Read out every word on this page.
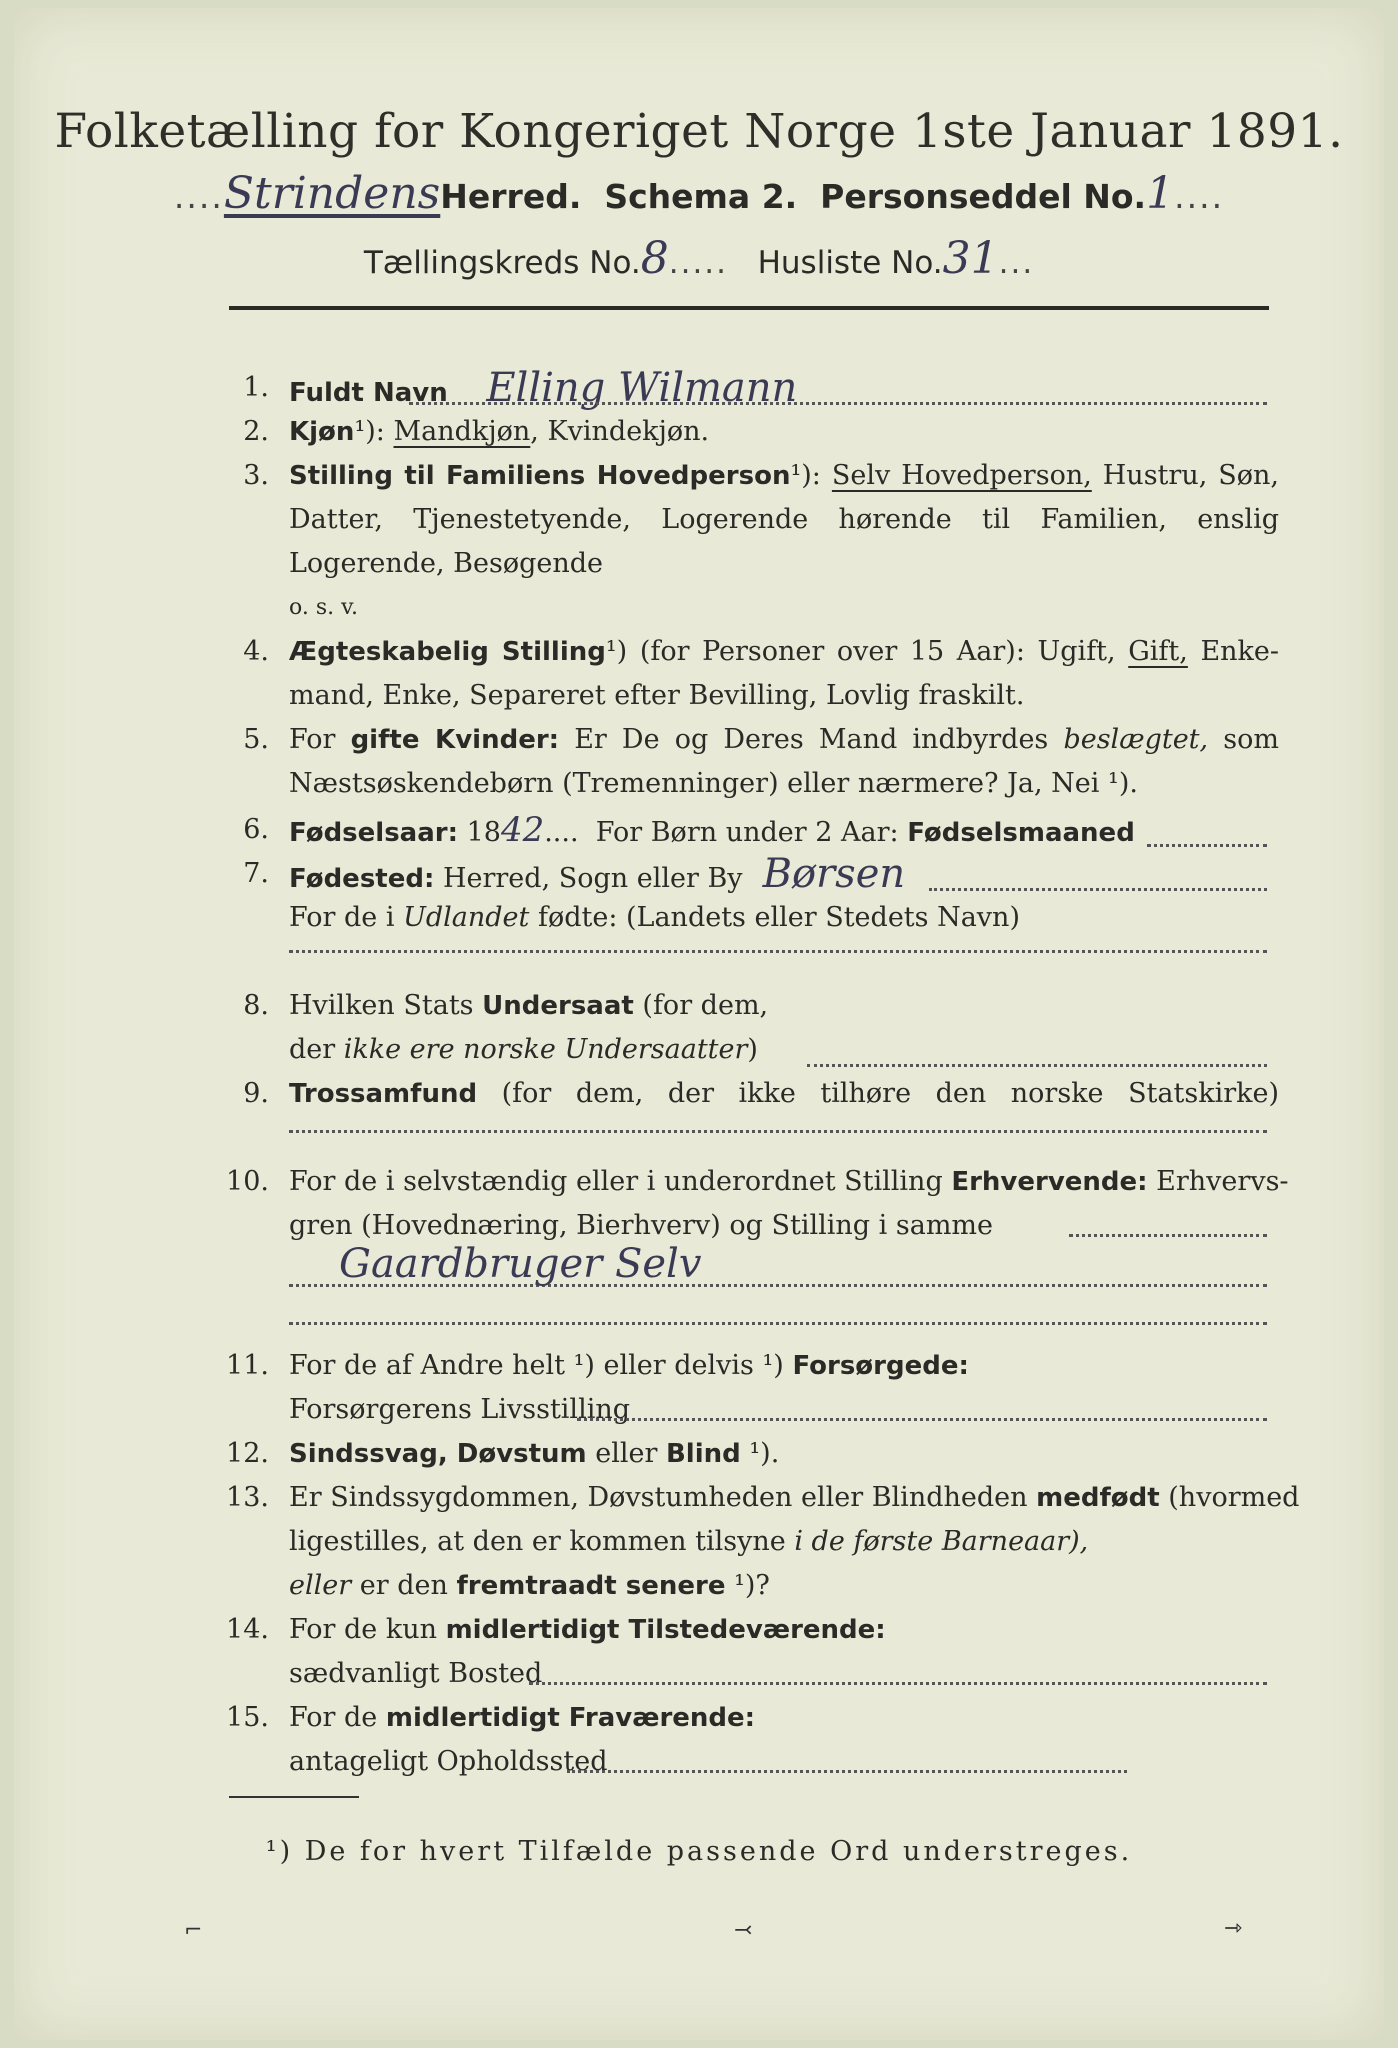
Folketælling for Kongeriget Norge 1ste Januar 1891.
....StrindensHerred. Schema 2. Personseddel No.1....
Tællingskreds No.8..... Husliste No.31...
1. Fuldt Navn Elling Wilmann
2. Kjøn¹): Mandkjøn, Kvindekjøn.
3. Stilling til Familiens Hovedperson¹): Selv Hovedperson, Hustru, Søn,
Datter, Tjenestetyende, Logerende hørende til Familien, enslig
Logerende, Besøgende
o. s. v.
4. Ægteskabelig Stilling¹) (for Personer over 15 Aar): Ugift, Gift, Enke-
mand, Enke, Separeret efter Bevilling, Lovlig fraskilt.
5. For gifte Kvinder: Er De og Deres Mand indbyrdes beslægtet, som
Næstsøskendebørn (Tremenninger) eller nærmere? Ja, Nei ¹).
6. Fødselsaar: 1842....  For Børn under 2 Aar: Fødselsmaaned
7. Fødested: Herred, Sogn eller By Børsen
For de i Udlandet fødte: (Landets eller Stedets Navn)
8. Hvilken Stats Undersaat (for dem,
der ikke ere norske Undersaatter)
9. Trossamfund (for dem, der ikke tilhøre den norske Statskirke)
10. For de i selvstændig eller i underordnet Stilling Erhvervende: Erhvervs-
gren (Hovednæring, Bierhverv) og Stilling i samme
Gaardbruger Selv
11. For de af Andre helt ¹) eller delvis ¹) Forsørgede:
Forsørgerens Livsstilling
12. Sindssvag, Døvstum eller Blind ¹).
13. Er Sindssygdommen, Døvstumheden eller Blindheden medfødt (hvormed
ligestilles, at den er kommen tilsyne i de første Barneaar),
eller er den fremtraadt senere ¹)?
14. For de kun midlertidigt Tilstedeværende:
sædvanligt Bosted
15. For de midlertidigt Fraværende:
antageligt Opholdssted
¹) De for hvert Tilfælde passende Ord understreges.
⌐	⤙	⇾
